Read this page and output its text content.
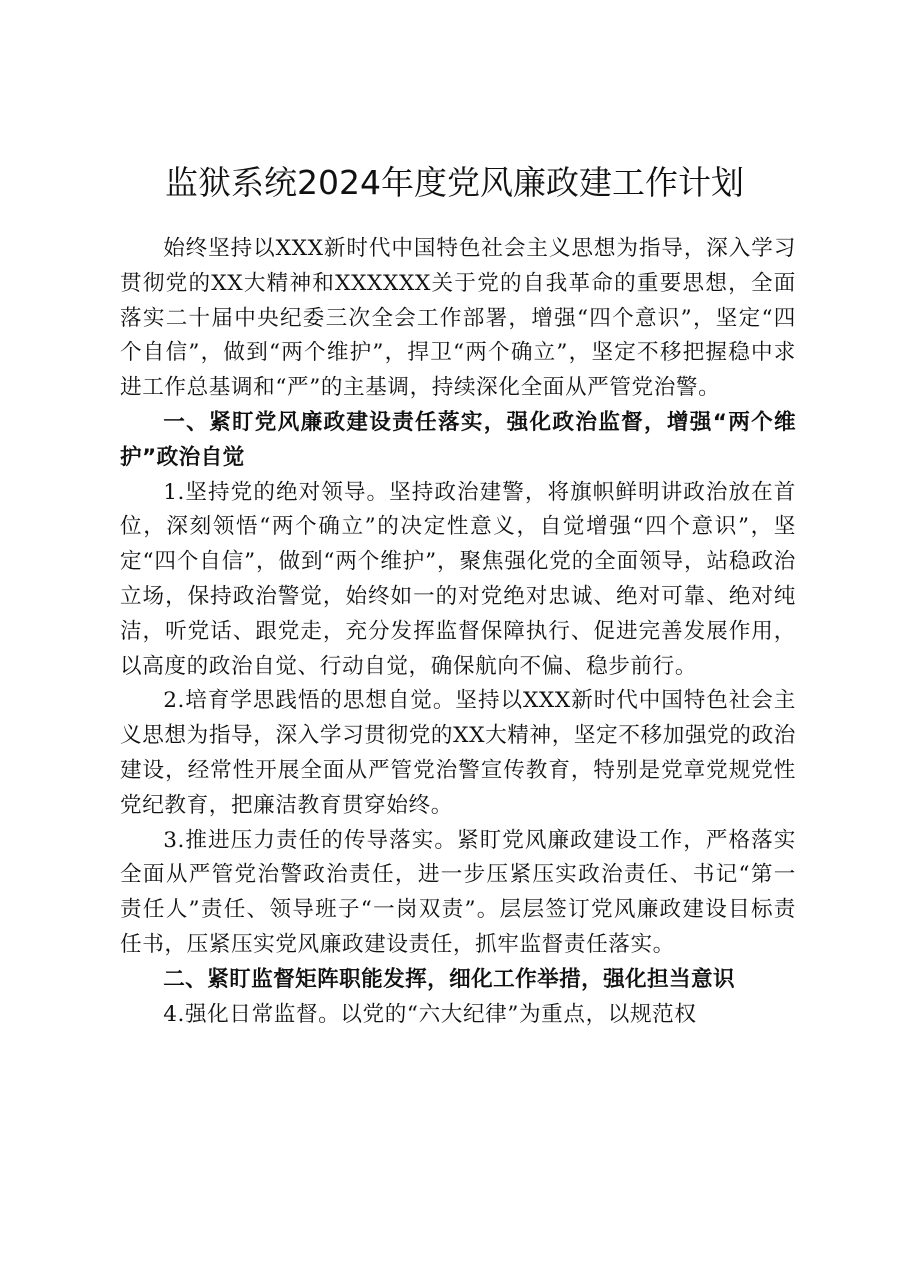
监狱系统2024年度党风廉政建工作计划

始终坚持以XXX新时代中国特色社会主义思想为指导，深入学习贯彻党的XX大精神和XXXXXX关于党的自我革命的重要思想，全面落实二十届中央纪委三次全会工作部署，增强“四个意识”，坚定“四个自信”，做到“两个维护”，捍卫“两个确立”，坚定不移把握稳中求进工作总基调和“严”的主基调，持续深化全面从严管党治警。

一、紧盯党风廉政建设责任落实，强化政治监督，增强“两个维护”政治自觉

1.坚持党的绝对领导。坚持政治建警，将旗帜鲜明讲政治放在首位，深刻领悟“两个确立”的决定性意义，自觉增强“四个意识”，坚定“四个自信”，做到“两个维护”，聚焦强化党的全面领导，站稳政治立场，保持政治警觉，始终如一的对党绝对忠诚、绝对可靠、绝对纯洁，听党话、跟党走，充分发挥监督保障执行、促进完善发展作用，以高度的政治自觉、行动自觉，确保航向不偏、稳步前行。

2.培育学思践悟的思想自觉。坚持以XXX新时代中国特色社会主义思想为指导，深入学习贯彻党的XX大精神，坚定不移加强党的政治建设，经常性开展全面从严管党治警宣传教育，特别是党章党规党性党纪教育，把廉洁教育贯穿始终。

3.推进压力责任的传导落实。紧盯党风廉政建设工作，严格落实全面从严管党治警政治责任，进一步压紧压实政治责任、书记“第一责任人”责任、领导班子“一岗双责”。层层签订党风廉政建设目标责任书，压紧压实党风廉政建设责任，抓牢监督责任落实。

二、紧盯监督矩阵职能发挥，细化工作举措，强化担当意识

4.强化日常监督。以党的“六大纪律”为重点，以规范权
